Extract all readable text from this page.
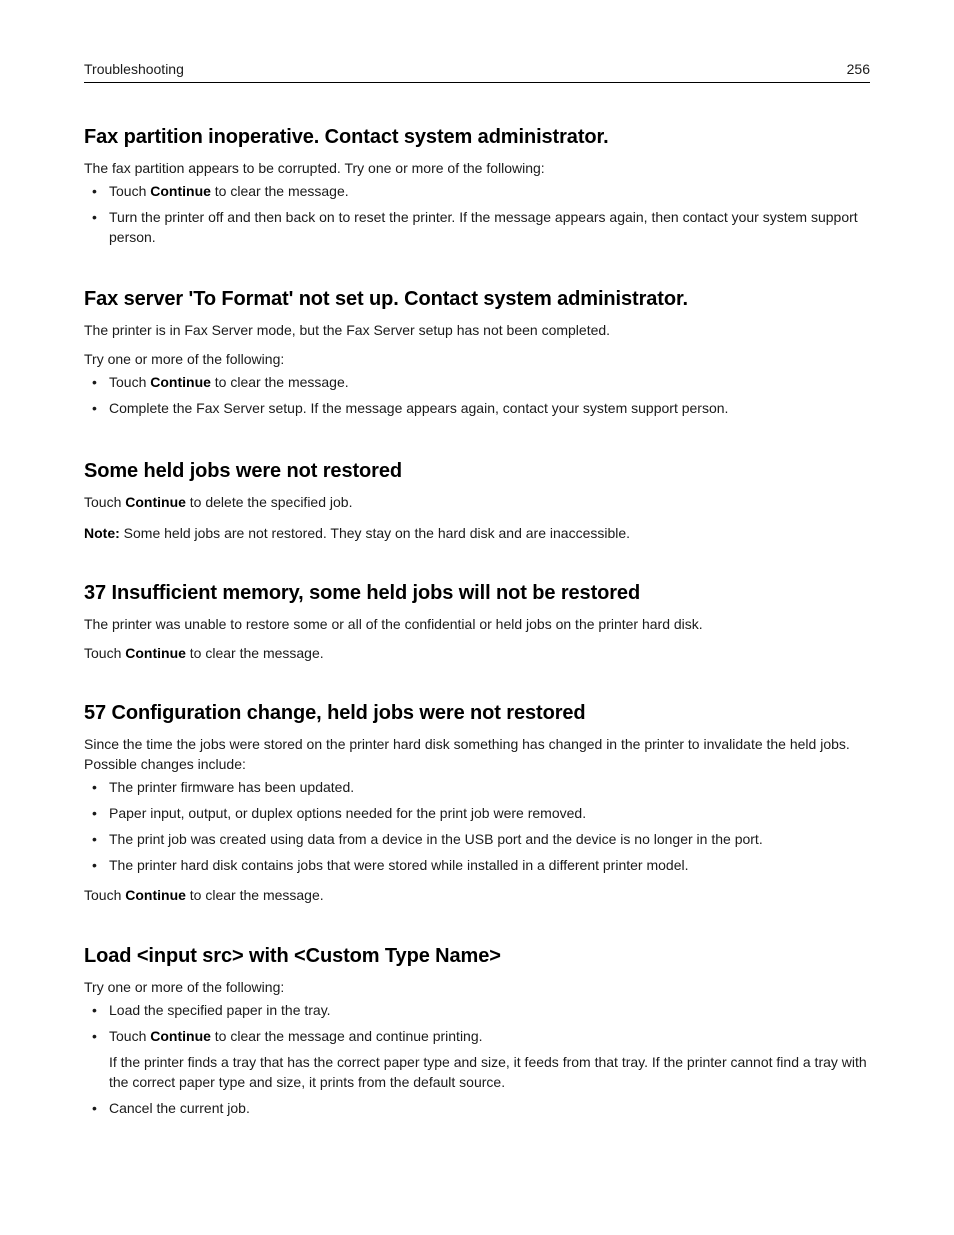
Troubleshooting	256
Fax partition inoperative. Contact system administrator.

The fax partition appears to be corrupted. Try one or more of the following:

• Touch Continue to clear the message.
• Turn the printer off and then back on to reset the printer. If the message appears again, then contact your system support person.
Fax server 'To Format' not set up. Contact system administrator.

The printer is in Fax Server mode, but the Fax Server setup has not been completed.

Try one or more of the following:

• Touch Continue to clear the message.
• Complete the Fax Server setup. If the message appears again, contact your system support person.
Some held jobs were not restored

Touch Continue to delete the specified job.

Note: Some held jobs are not restored. They stay on the hard disk and are inaccessible.

37 Insufficient memory, some held jobs will not be restored

The printer was unable to restore some or all of the confidential or held jobs on the printer hard disk.

Touch Continue to clear the message.

57 Configuration change, held jobs were not restored

Since the time the jobs were stored on the printer hard disk something has changed in the printer to invalidate the held jobs. Possible changes include:

• The printer firmware has been updated.
• Paper input, output, or duplex options needed for the print job were removed.
• The print job was created using data from a device in the USB port and the device is no longer in the port.
• The printer hard disk contains jobs that were stored while installed in a different printer model.

Touch Continue to clear the message.

Load <input src> with <Custom Type Name>

Try one or more of the following:

• Load the specified paper in the tray.
• Touch Continue to clear the message and continue printing.

If the printer finds a tray that has the correct paper type and size, it feeds from that tray. If the printer cannot find a tray with the correct paper type and size, it prints from the default source.

• Cancel the current job.
